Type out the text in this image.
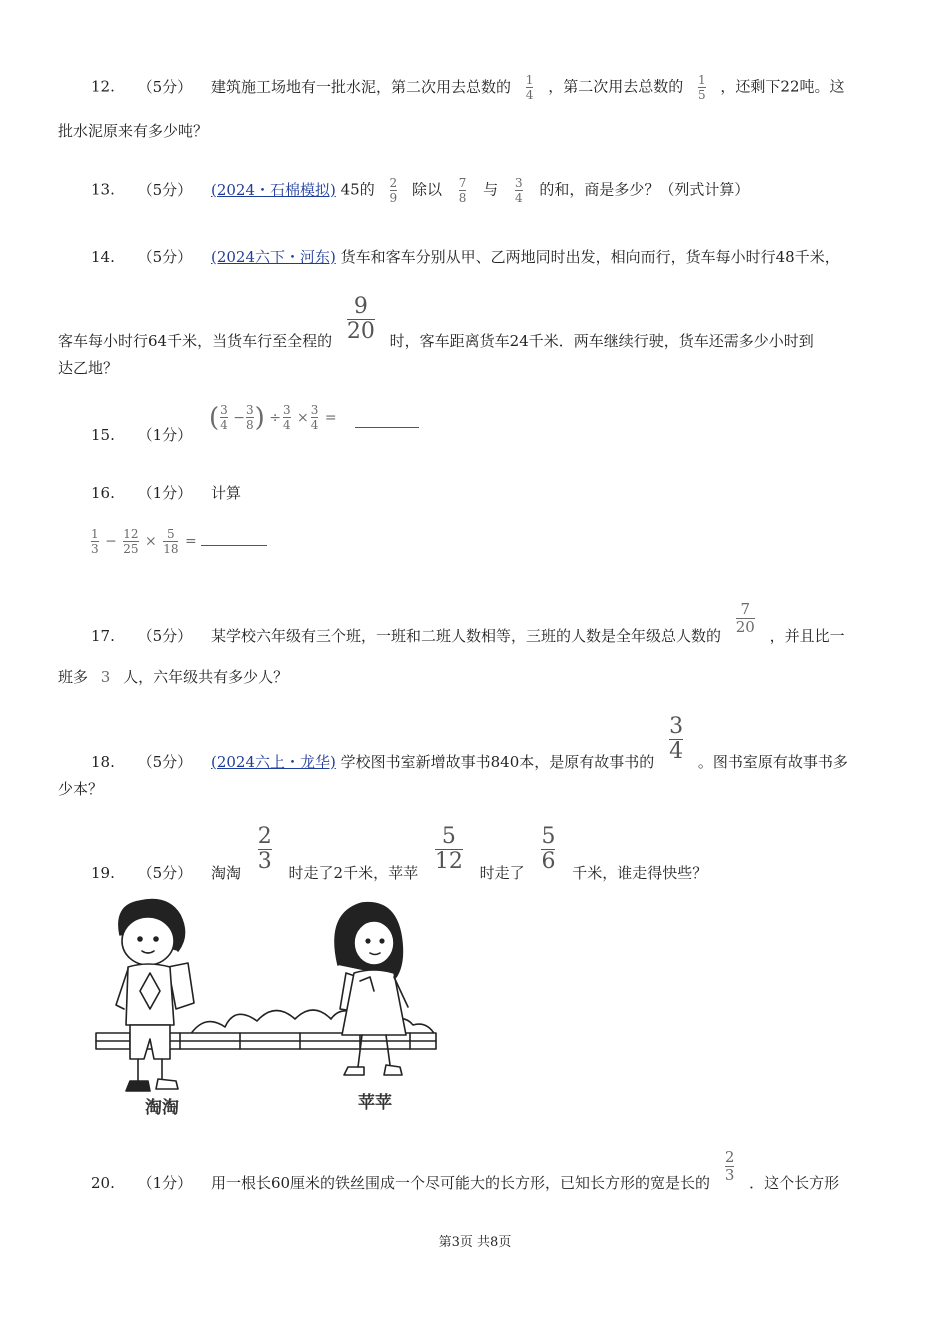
12. （5分） 建筑施工场地有一批水泥，第二次用去总数的 $\frac{1}{4}$ ，第二次用去总数的 $\frac{1}{5}$ ，还剩下22吨。这
批水泥原来有多少吨？
13. （5分） (2024・石棉模拟) 45的 $\frac{2}{9}$ 除以 $\frac{7}{8}$ 与 $\frac{3}{4}$ 的和，商是多少？（列式计算）
14. （5分） (2024六下・河东) 货车和客车分别从甲、乙两地同时出发，相向而行，货车每小时行48千米，
客车每小时行64千米，当货车行至全程的 $\frac{9}{20}$ 时，客车距离货车24千米．两车继续行驶，货车还需多少小时到
达乙地？
15. （1分） ( $\frac{3}{4} - \frac{3}{8}$ ) ÷ $\frac{3}{4} \times \frac{3}{4}$ =
16. （1分） 计算
$\frac{1}{3} - \frac{12}{25} \times \frac{5}{18}$ =
17. （5分） 某学校六年级有三个班，一班和二班人数相等，三班的人数是全年级总人数的
$\frac{7}{20}$
，并且比一
班多 3 人，六年级共有多少人？
18. （5分） (2024六上・龙华) 学校图书室新增故事书840本，是原有故事书的 $\frac{3}{4}$ 。图书室原有故事书多
少本？
19. （5分） 淘淘 $\frac{2}{3}$ 时走了2千米，苹苹 $\frac{5}{12}$ 时走了 $\frac{5}{6}$ 千米，谁走得快些？
淘淘	苹苹
20. （1分） 用一根长60厘米的铁丝围成一个尽可能大的长方形，已知长方形的宽是长的 $\frac{2}{3}$ ．这个长方形
第3页 共8页
